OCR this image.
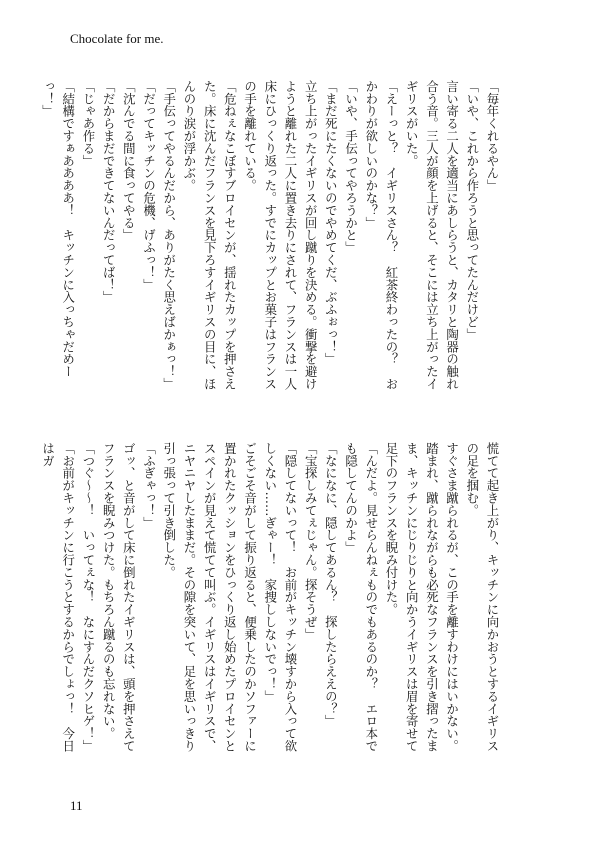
Chocolate for me.

「毎年くれるやん」

「いや、これから作ろうと思ってたんだけど」

言い寄る二人を適当にあしらうと、カタリと陶器の触れ合う音。三人が顔を上げると、そこには立ち上がったイギリスがいた。

「えーっと？　イギリスさん？　紅茶終わったの？　おかわりが欲しいのかな？」

「いや、手伝ってやろうかと」

「まだ死にたくないのでやめてくだ、ぶふぉっ！」

立ち上がったイギリスが回し蹴りを決める。衝撃を避けようと離れた二人に置き去りにされて、フランスは一人床にひっくり返った。すでにカップとお菓子はフランスの手を離れている。

「危ねぇなこぼすブロイセンが、揺れたカップを押さえた。床に沈んだフランスを見下ろすイギリスの目に、ほんのり涙が浮かぶ。

「手伝ってやるんだから、ありがたく思えばかぁっ！」

「だってキッチンの危機、げふっ！」

「沈んでる間に食ってやる」

「だからまだできてないんだってば！」

「じゃあ作る」

「結構ですぁああああ！　キッチンに入っちゃだめーっ！」

慌てて起き上がり、キッチンに向かおうとするイギリスの足を掴む。

すぐさま蹴られるが、この手を離すわけにはいかない。踏まれ、蹴られながらも必死なフランスを引き摺ったまま、キッチンにじりじりと向かうイギリスは眉を寄せて足下のフランスを睨み付けた。

「んだよ。見せらんねぇものでもあるのか？　エロ本でも隠してんのかよ」

「なになに、隠してあるん？　探したらええの？」

「宝探しみてぇじゃん。探そうぜ」

「隠してないって！　お前がキッチン壊すから入って欲しくない……ぎゃー！　家捜ししないでっ！」

ごそごそ音がして振り返ると、便乗したのかソファーに置かれたクッションをひっくり返し始めたプロイセンとスペインが見えて慌てて叫ぶ。イギリスはイギリスで、ニヤニヤしたままだ。その隙を突いて、足を思いっきり引っ張って引き倒した。

「ふぎゃっ！」

ゴッ、と音がして床に倒れたイギリスは、頭を押さえてフランスを睨みつけた。もちろん蹴るのも忘れない。

「つぐ～～！　いってぇな！　なにすんだクソヒゲ！」

「お前がキッチンに行こうとするからでしょっ！　今日はガ

11
